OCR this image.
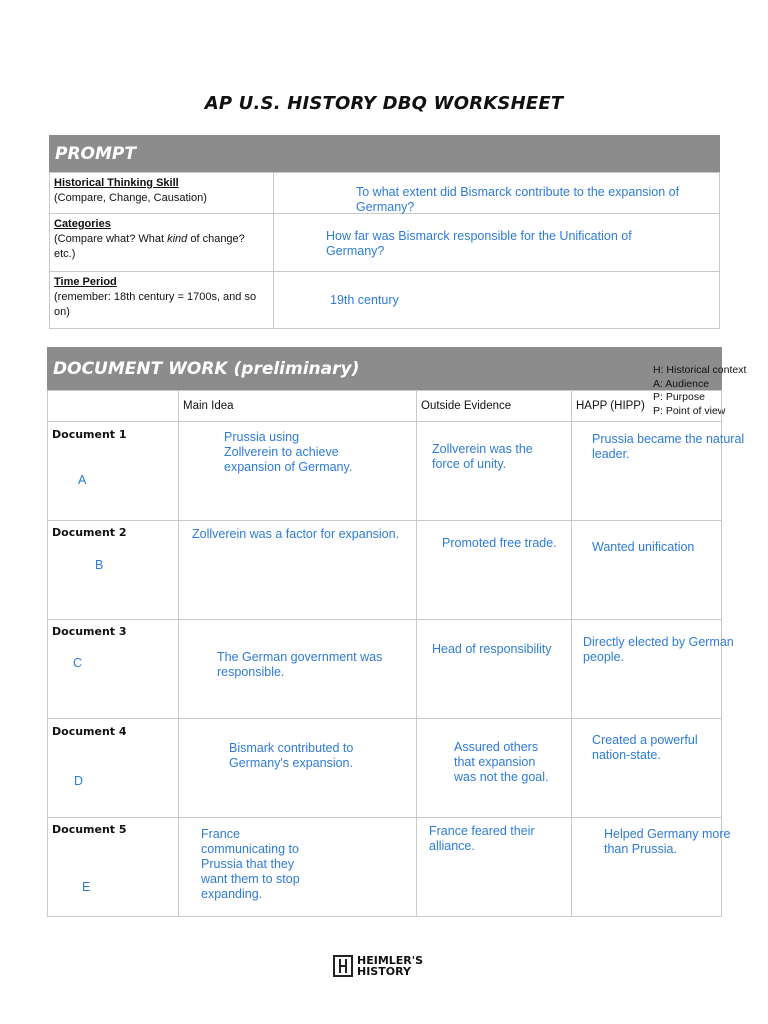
AP U.S. HISTORY DBQ WORKSHEET
PROMPT
Historical Thinking Skill
(Compare, Change, Causation)	To what extent did Bismarck contribute to the expansion of Germany?

Categories
(Compare what? What kind of change? etc.)	How far was Bismarck responsible for the Unification of Germany?

Time Period
(remember: 18th century = 1700s, and so on)	19th century
DOCUMENT WORK (preliminary)	H: Historical context
A: Audience
P: Purpose
P: Point of view
	Main Idea	Outside Evidence	HAPP (HIPP)

Document 1
A	Prussia using Zollverein to achieve expansion of Germany.	Zollverein was the force of unity.	Prussia became the natural leader.

Document 2
B	Zollverein was a factor for expansion.	Promoted free trade.	Wanted unification

Document 3
C	The German government was responsible.	Head of responsibility	Directly elected by German people.

Document 4
D	Bismark contributed to Germany's expansion.	Assured others that expansion was not the goal.	Created a powerful nation-state.

Document 5
E	France communicating to Prussia that they want them to stop expanding.	France feared their alliance.	Helped Germany more than Prussia.
HEIMLER'S
HISTORY
